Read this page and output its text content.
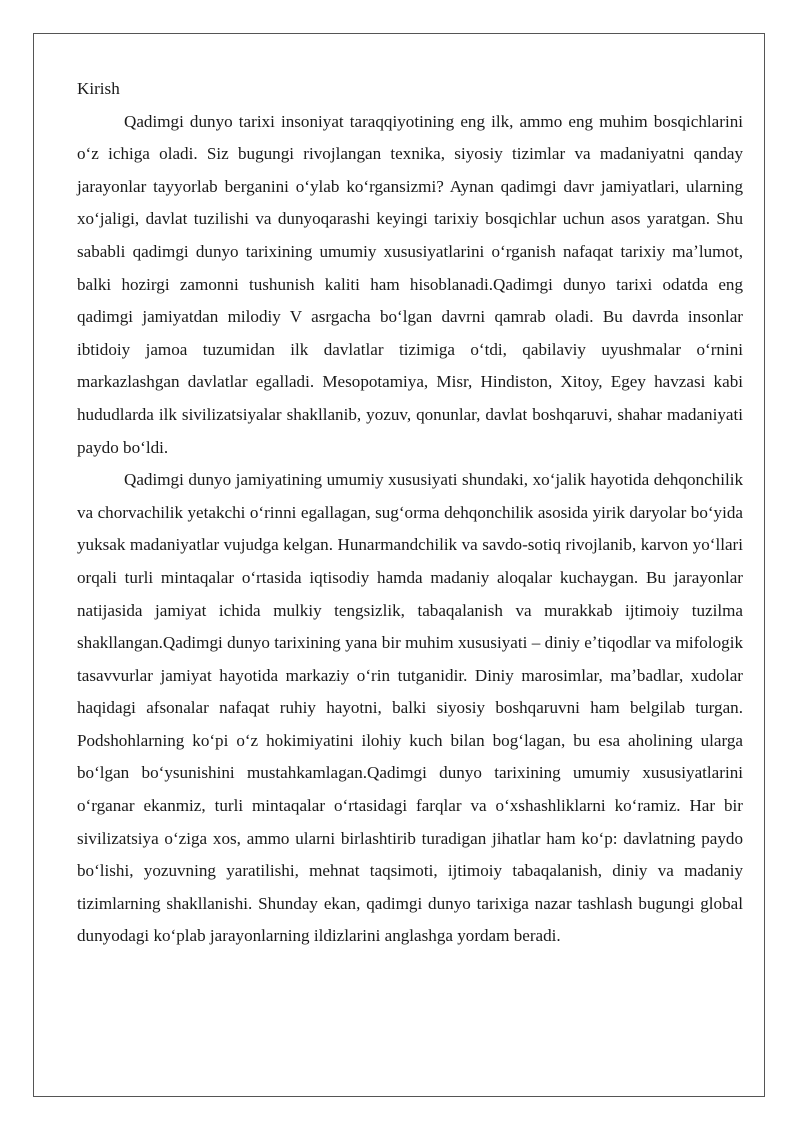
Kirish

Qadimgi dunyo tarixi insoniyat taraqqiyotining eng ilk, ammo eng muhim bosqichlarini oʻz ichiga oladi. Siz bugungi rivojlangan texnika, siyosiy tizimlar va madaniyatni qanday jarayonlar tayyorlab berganini oʻylab koʻrgansizmi? Aynan qadimgi davr jamiyatlari, ularning xoʻjaligi, davlat tuzilishi va dunyoqarashi keyingi tarixiy bosqichlar uchun asos yaratgan. Shu sababli qadimgi dunyo tarixining umumiy xususiyatlarini oʻrganish nafaqat tarixiy maʼlumot, balki hozirgi zamonni tushunish kaliti ham hisoblanadi.Qadimgi dunyo tarixi odatda eng qadimgi jamiyatdan milodiy V asrgacha boʻlgan davrni qamrab oladi. Bu davrda insonlar ibtidoiy jamoa tuzumidan ilk davlatlar tizimiga oʻtdi, qabilaviy uyushmalar oʻrnini markazlashgan davlatlar egalladi. Mesopotamiya, Misr, Hindiston, Xitoy, Egey havzasi kabi hududlarda ilk sivilizatsiyalar shakllanib, yozuv, qonunlar, davlat boshqaruvi, shahar madaniyati paydo boʻldi.

Qadimgi dunyo jamiyatining umumiy xususiyati shundaki, xoʻjalik hayotida dehqonchilik va chorvachilik yetakchi oʻrinni egallagan, sugʻorma dehqonchilik asosida yirik daryolar boʻyida yuksak madaniyatlar vujudga kelgan. Hunarmandchilik va savdo-sotiq rivojlanib, karvon yoʻllari orqali turli mintaqalar oʻrtasida iqtisodiy hamda madaniy aloqalar kuchaygan. Bu jarayonlar natijasida jamiyat ichida mulkiy tengsizlik, tabaqalanish va murakkab ijtimoiy tuzilma shakllangan.Qadimgi dunyo tarixining yana bir muhim xususiyati – diniy eʼtiqodlar va mifologik tasavvurlar jamiyat hayotida markaziy oʻrin tutganidir. Diniy marosimlar, maʼbadlar, xudolar haqidagi afsonalar nafaqat ruhiy hayotni, balki siyosiy boshqaruvni ham belgilab turgan. Podshohlarning koʻpi oʻz hokimiyatini ilohiy kuch bilan bogʻlagan, bu esa aholining ularga boʻlgan boʻysunishini mustahkamlagan.Qadimgi dunyo tarixining umumiy xususiyatlarini oʻrganar ekanmiz, turli mintaqalar oʻrtasidagi farqlar va oʻxshashliklarni koʻramiz. Har bir sivilizatsiya oʻziga xos, ammo ularni birlashtirib turadigan jihatlar ham koʻp: davlatning paydo boʻlishi, yozuvning yaratilishi, mehnat taqsimoti, ijtimoiy tabaqalanish, diniy va madaniy tizimlarning shakllanishi. Shunday ekan, qadimgi dunyo tarixiga nazar tashlash bugungi global dunyodagi koʻplab jarayonlarning ildizlarini anglashga yordam beradi.
